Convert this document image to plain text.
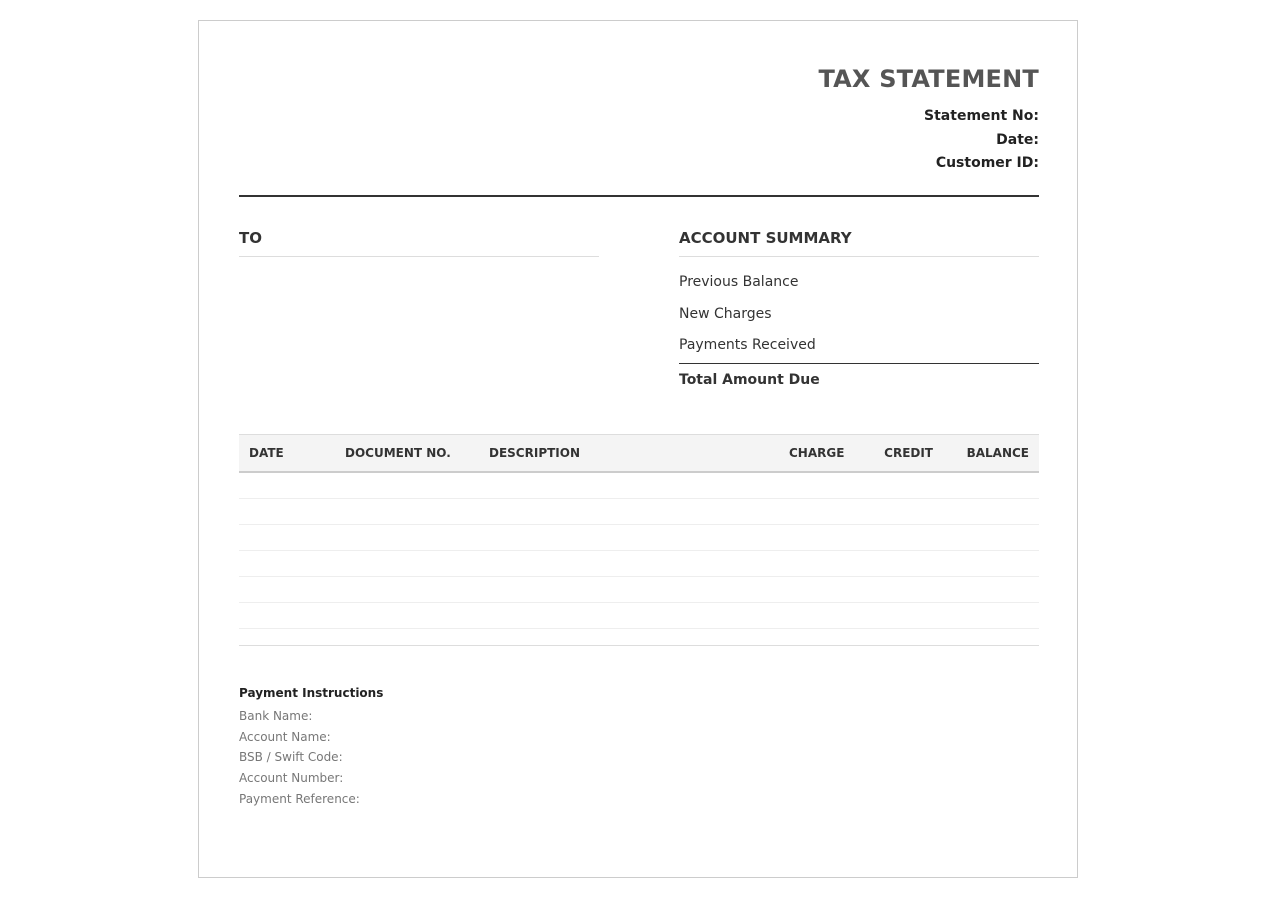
TAX STATEMENT
Statement No:
Date:
Customer ID:
TO	ACCOUNT SUMMARY
Previous Balance
New Charges
Payments Received
Total Amount Due
DATE	DOCUMENT NO.	DESCRIPTION	CHARGE	CREDIT	BALANCE

Payment Instructions
Bank Name:
Account Name:
BSB / Swift Code:
Account Number:
Payment Reference:
